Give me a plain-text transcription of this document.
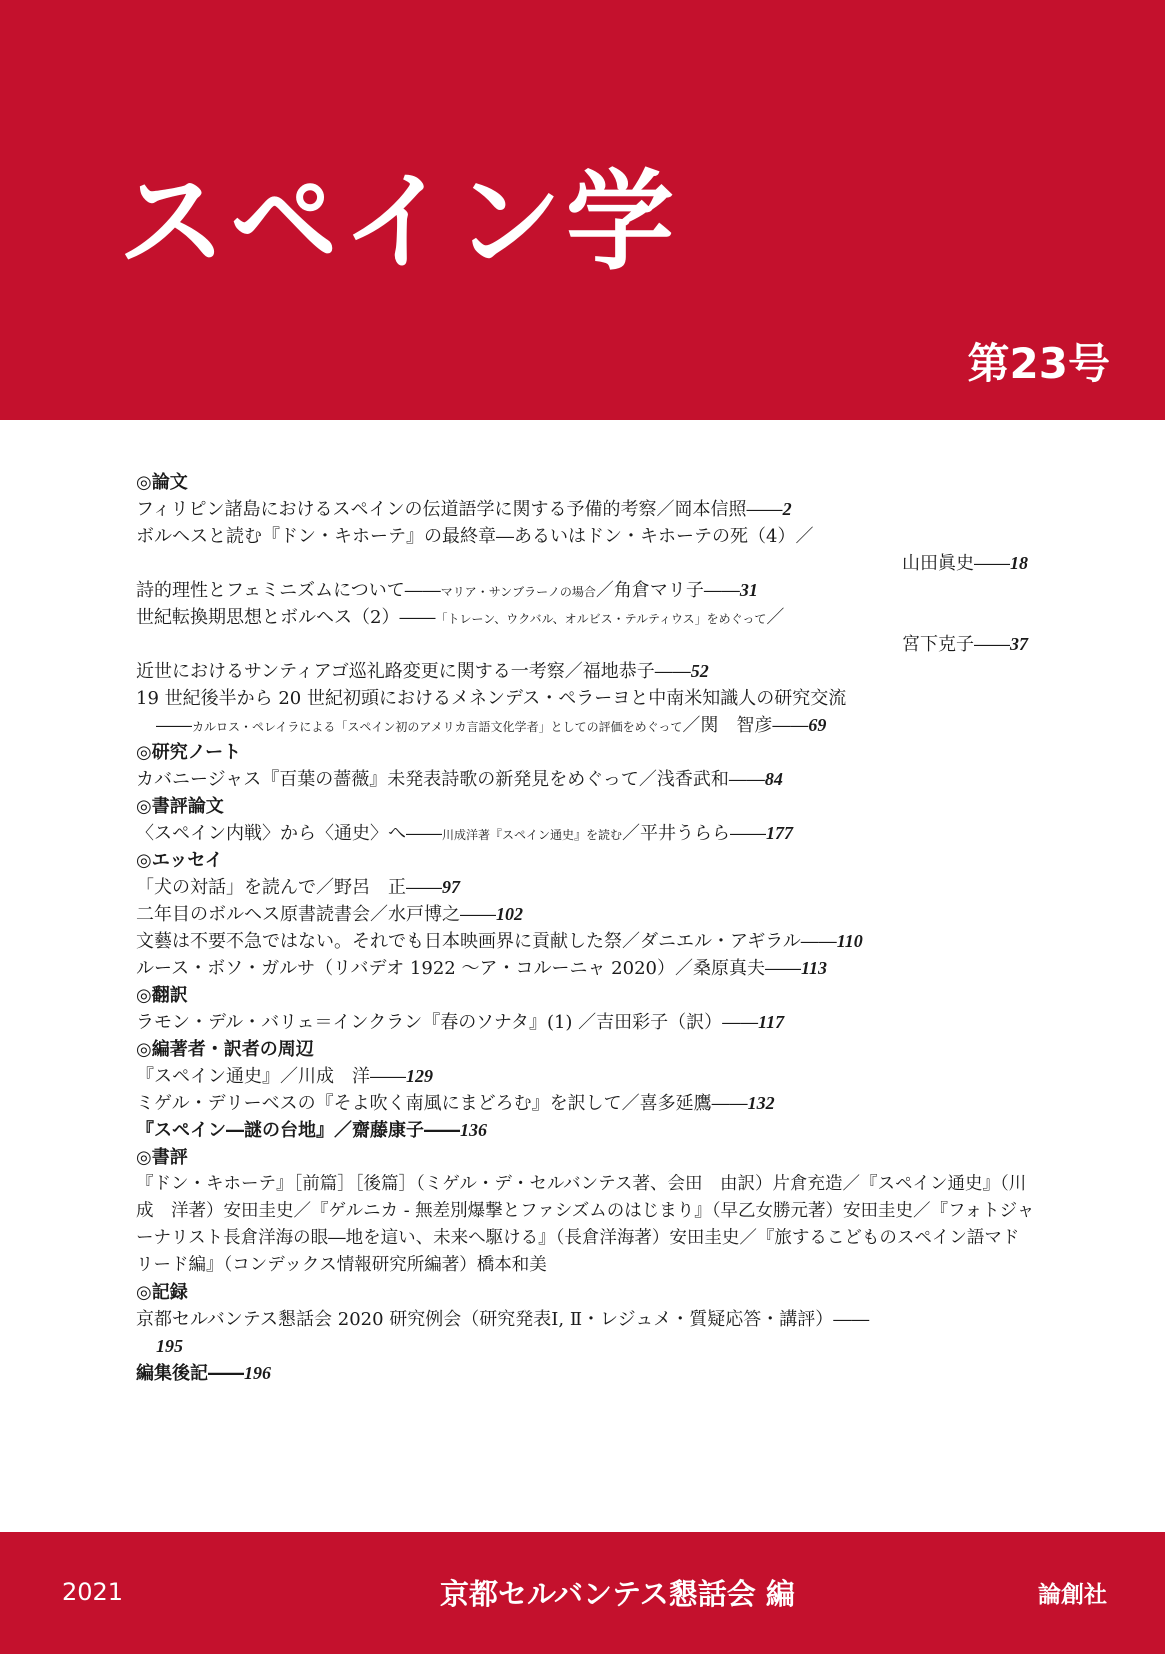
スペイン学
第23号
◎論文
フィリピン諸島におけるスペインの伝道語学に関する予備的考察／岡本信照――2
ボルヘスと読む『ドン・キホーテ』の最終章―あるいはドン・キホーテの死（4）／
山田眞史――18
詩的理性とフェミニズムについて――マリア・サンブラーノの場合／角倉マリ子――31
世紀転換期思想とボルヘス（2）――「トレーン、ウクバル、オルビス・テルティウス」をめぐって／
宮下克子――37
近世におけるサンティアゴ巡礼路変更に関する一考察／福地恭子――52
19 世紀後半から 20 世紀初頭におけるメネンデス・ペラーヨと中南米知識人の研究交流
――カルロス・ペレイラによる「スペイン初のアメリカ言語文化学者」としての評価をめぐって／関　智彦――69
◎研究ノート
カバニージャス『百葉の薔薇』未発表詩歌の新発見をめぐって／浅香武和――84
◎書評論文
〈スペイン内戦〉から〈通史〉へ――川成洋著『スペイン通史』を読む／平井うらら――177
◎エッセイ
「犬の対話」を読んで／野呂　正――97
二年目のボルヘス原書読書会／水戸博之――102
文藝は不要不急ではない。それでも日本映画界に貢献した祭／ダニエル・アギラル――110
ルース・ボソ・ガルサ（リバデオ 1922 ～ア・コルーニャ 2020）／桑原真夫――113
◎翻訳
ラモン・デル・バリェ＝インクラン『春のソナタ』(1) ／吉田彩子（訳）――117
◎編著者・訳者の周辺
『スペイン通史』／川成　洋――129
ミゲル・デリーベスの『そよ吹く南風にまどろむ』を訳して／喜多延鷹――132
『スペイン―謎の台地』／齋藤康子――136
◎書評
『ドン・キホーテ』［前篇］［後篇］（ミゲル・デ・セルバンテス著、会田　由訳）片倉充造／『スペイン通史』（川成　洋著）安田圭史／『ゲルニカ - 無差別爆撃とファシズムのはじまり』（早乙女勝元著）安田圭史／『フォトジャーナリスト長倉洋海の眼―地を這い、未来へ駆ける』（長倉洋海著）安田圭史／『旅するこどものスペイン語マドリード編』（コンデックス情報研究所編著）橋本和美
◎記録
京都セルバンテス懇話会 2020 研究例会（研究発表Ⅰ, Ⅱ・レジュメ・質疑応答・講評）――
195
編集後記――196
2021	京都セルバンテス懇話会 編	論創社
